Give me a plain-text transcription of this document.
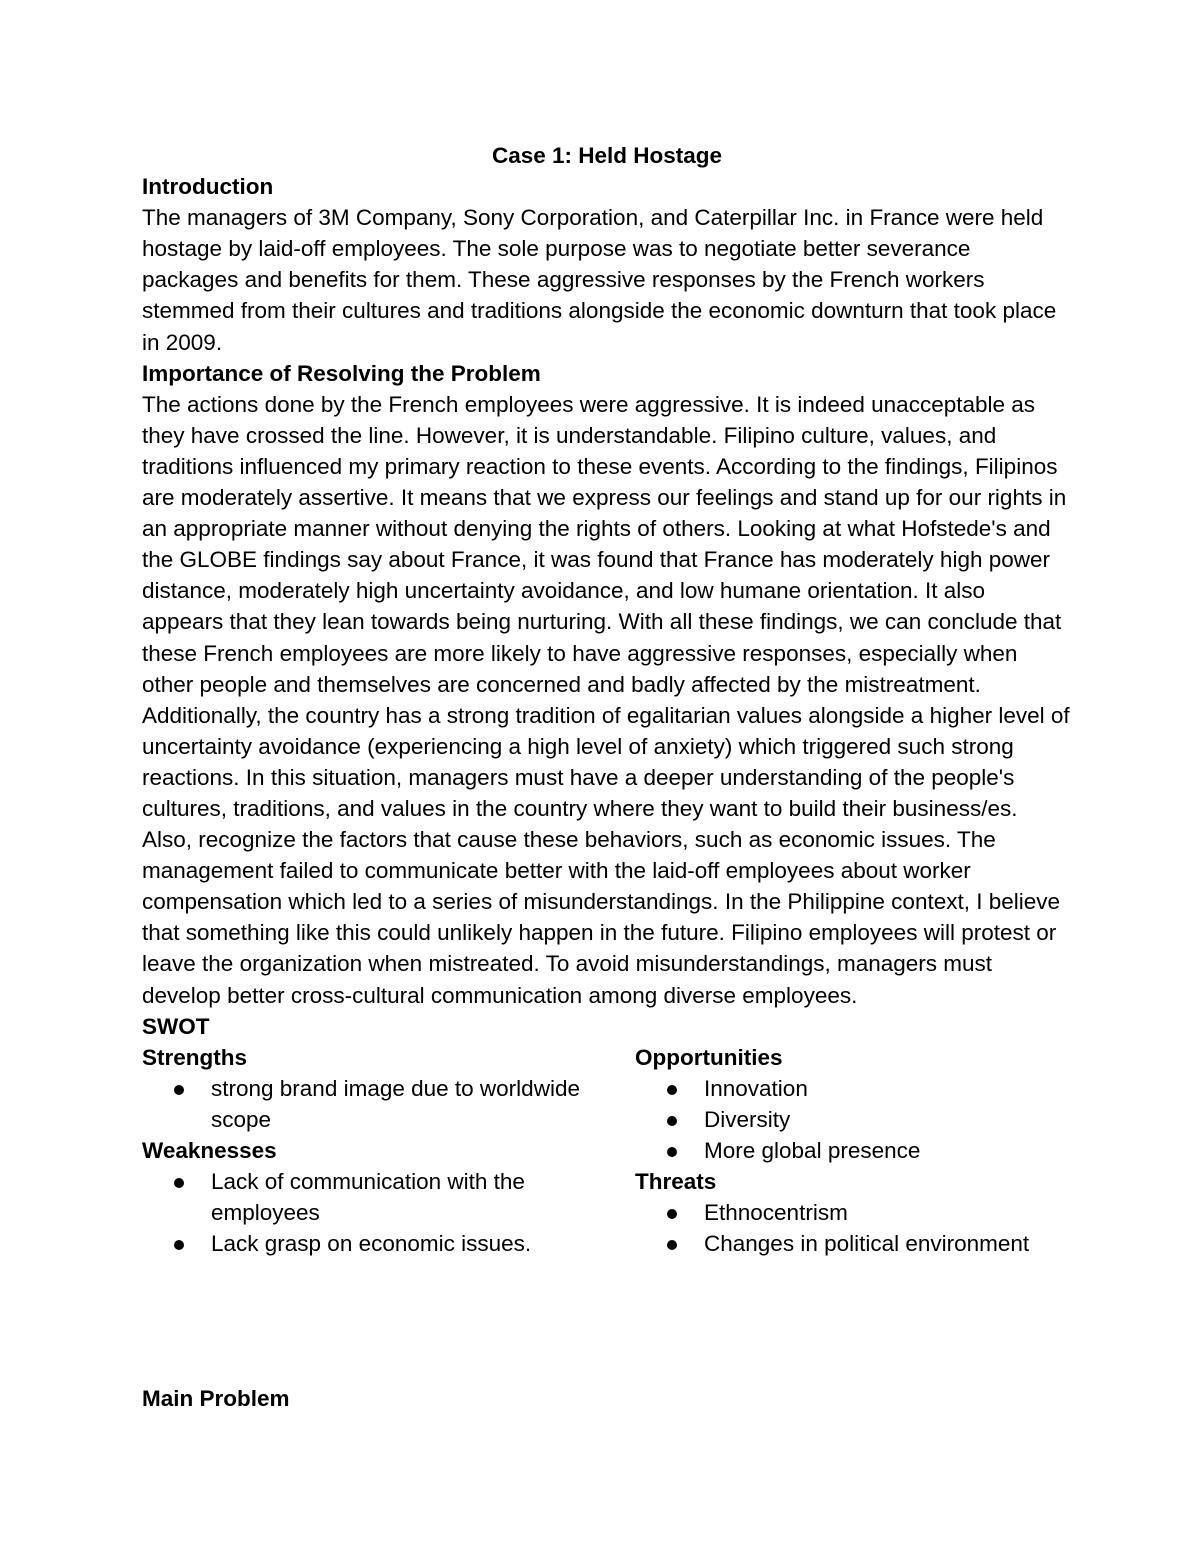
Case 1: Held Hostage
Introduction

The managers of 3M Company, Sony Corporation, and Caterpillar Inc. in France were held hostage by laid-off employees. The sole purpose was to negotiate better severance packages and benefits for them. These aggressive responses by the French workers stemmed from their cultures and traditions alongside the economic downturn that took place in 2009.

Importance of Resolving the Problem

The actions done by the French employees were aggressive. It is indeed unacceptable as they have crossed the line. However, it is understandable. Filipino culture, values, and traditions influenced my primary reaction to these events. According to the findings, Filipinos are moderately assertive. It means that we express our feelings and stand up for our rights in an appropriate manner without denying the rights of others. Looking at what Hofstede's and the GLOBE findings say about France, it was found that France has moderately high power distance, moderately high uncertainty avoidance, and low humane orientation. It also appears that they lean towards being nurturing. With all these findings, we can conclude that these French employees are more likely to have aggressive responses, especially when other people and themselves are concerned and badly affected by the mistreatment. Additionally, the country has a strong tradition of egalitarian values alongside a higher level of uncertainty avoidance (experiencing a high level of anxiety) which triggered such strong reactions. In this situation, managers must have a deeper understanding of the people's cultures, traditions, and values in the country where they want to build their business/es. Also, recognize the factors that cause these behaviors, such as economic issues. The management failed to communicate better with the laid-off employees about worker compensation which led to a series of misunderstandings. In the Philippine context, I believe that something like this could unlikely happen in the future. Filipino employees will protest or leave the organization when mistreated. To avoid misunderstandings, managers must develop better cross-cultural communication among diverse employees.

SWOT
Strengths
strong brand image due to worldwide scope
Weaknesses
Lack of communication with the employees
Lack grasp on economic issues.
Opportunities
Innovation
Diversity
More global presence
Threats
Ethnocentrism
Changes in political environment
Main Problem
